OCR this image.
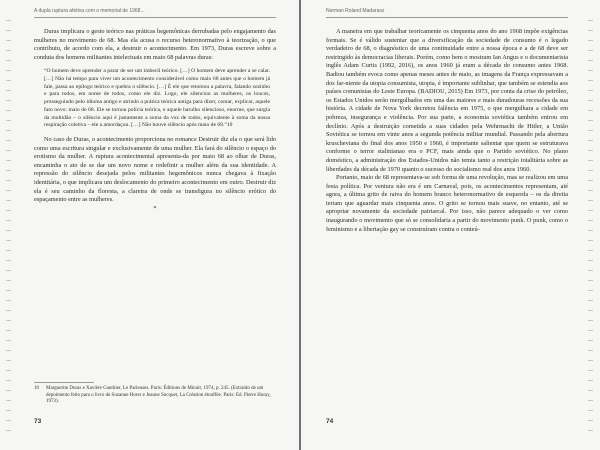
A dupla ruptura afetiva com o memorial de 1968...

Duras implicara o gesto teórico nas práticas hegemônicas derrubadas pelo engajamento das mulheres no movimento de 68. Mas ela acusa o recurso heteronormativo à teorização, o que contribuiu, de acordo com ela, a destruir o acontecimento. Em 1973, Duras escreve sobre a conduta dos homens militantes intelectuais em maio 68 palavras duras:

“O homem deve aprender a parar de ser um imbecil teórico. […] O homem deve aprender a se calar. […] Não há tempo para viver um acontecimento considerável como maio 68 antes que o homem já fale, passa ao epílogo teórico e quebra o silêncio. […] É ele que retomou a palavra, falando sozinho e para todos, em nome de todos, como ele diz. Logo, ele silenciou as mulheres, os loucos, prosseguindo pelo idioma antigo e atrindo a prática teórica antiga para dizer, contar, explicar, aquele fato novo: maio de 68. Ele se tornou polícia teórica, e aquele barulho silencioso, enorme, que surgia da multidão – o silêncio aqui é justamente a soma da voz de todos, equivalente à soma da nossa respiração coletiva – ele a amordaçou. […] Não houve silêncio após maio de 68.”10

No caso de Duras, o acontecimento proporciona no romance Destruir diz ela o que será lido como uma escritura singular e exclusivamente de uma mulher. Ela fará do silêncio o espaço do erotismo da mulher. A ruptura acontecimental apresenta-da por maio 68 ao olhar de Duras, encaminha o ato de se dar um novo nome e redefinir a mulher além da sua identidade. A repressão do silêncio desejada pelos militantes hegemônicos nunca chegava à fixação identitária, o que implicara um deslocamento do primeiro acontecimento em outro. Destruir diz ela é seu caminho da floresta, a clareira de onde se transfigura no silêncio erótico do espaçamento entre as mulheres.

*

10 Marguerite Duras e Xavière Gauthier, Le Parleuses. Paris: Éditions de Minuit, 1974, p. 245. (Extraído de um depoimento feito para o livro de Suzanne Horer e Jeanne Socquet, La Création étouffée. Paris: Ed. Pierre Horay, 1973).
73
Norman Roland Madarasz

A maneira em que trabalhar teoricamente os cinquenta anos do ano 1968 impõe exigências formais. Se é válido sustentar que a diversificação da sociedade de consumo é o legado verdadeiro de 68, o diagnóstico de uma continuidade entre a nossa época e a de 68 deve ser restringido às democracias liberais. Porém, como bem o mostram Ian Angus e o documentarista inglês Adam Curtis (1992, 2016), os anos 1960 já eram a década do consumo antes 1968. Badiou também evoca como apenas meses antes de maio, as imagens da França expressavam a dos far-niente da utopia consumista, utopia, é importante sublinhar, que também se estendia aos países comunistas do Leste Europa. (BADIOU, 2015) Em 1973, por conta da crise do petróleo, os Estados Unidos serão mergulhados em uma das maiores e mais duradouras recessões da sua história. A cidade de Nova York decretou falência em 1975, o que mergulhara a cidade em pobreza, insegurança e violência. Por sua parte, a economia soviética também entrou em declínio. Após a destruição cometida a suas cidades pela Wehrmacht de Hitler, a União Soviética se tornou em vinte anos a segunda potência militar mundial. Passando pela abertura kruscheviana do final dos anos 1950 e 1960, é importante salientar que quem se estruturava conforme o terror stalinianao era o PCF, mais ainda que o Partido soviético. No plano doméstico, a administração dos Estados-Unidos não temia tanto a restrição totalitária sobre as liberdades da década de 1970 quanto o sucesso do socialismo real dos anos 1960.

Portanto, maio de 68 representava-se sob forma de uma revolução, mas se realizou em uma festa política. Por ventura não era é um Carnaval, pois, os acontecimentos representam, até agora, a última grito de raiva do homem branco heteronormativo de esquerda – os da direita teriam que aguardar mais cinquenta anos. O grito se tornou mais suave, no entanto, até se apropriar novamente da sociedade patriarcal. Por isso, não parece adequado o ver como inaugurando o movimento que só se consolidaria a partir do movimento punk. O punk, como o feminismo e a libertação gay se construíram contra o conteú-

74
